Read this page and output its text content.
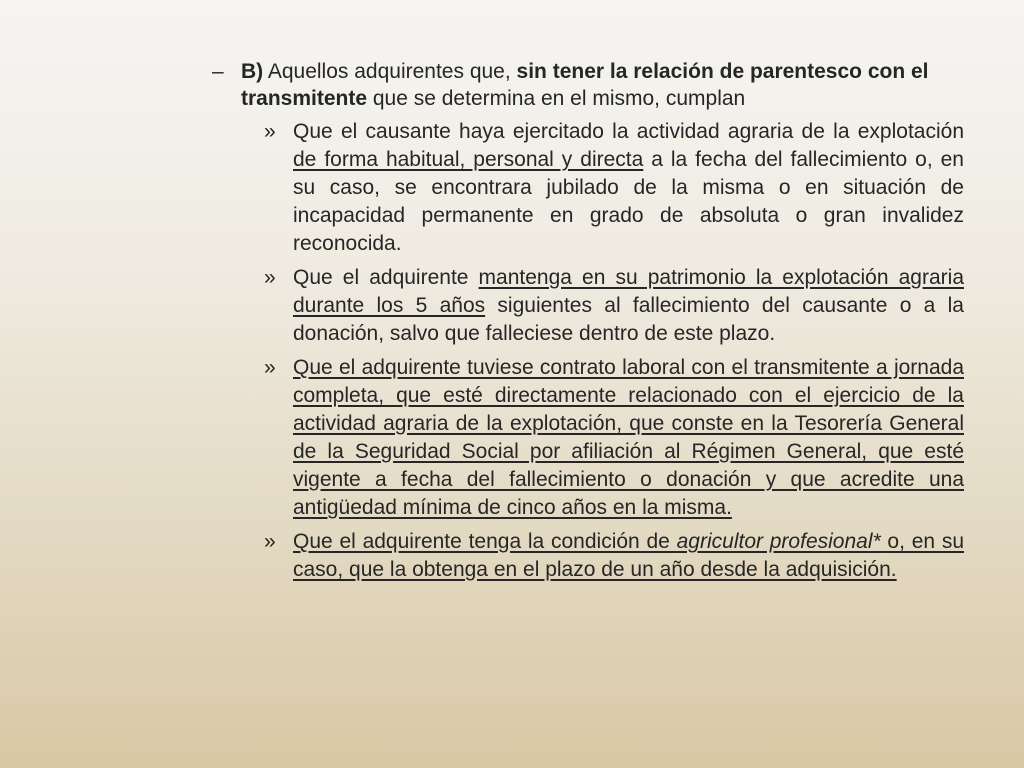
– B) Aquellos adquirentes que, sin tener la relación de parentesco con el transmitente que se determina en el mismo, cumplan
» Que el causante haya ejercitado la actividad agraria de la explotación de forma habitual, personal y directa a la fecha del fallecimiento o, en su caso, se encontrara jubilado de la misma o en situación de incapacidad permanente en grado de absoluta o gran invalidez reconocida.
» Que el adquirente mantenga en su patrimonio la explotación agraria durante los 5 años siguientes al fallecimiento del causante o a la donación, salvo que falleciese dentro de este plazo.
» Que el adquirente tuviese contrato laboral con el transmitente a jornada completa, que esté directamente relacionado con el ejercicio de la actividad agraria de la explotación, que conste en la Tesorería General de la Seguridad Social por afiliación al Régimen General, que esté vigente a fecha del fallecimiento o donación y que acredite una antigüedad mínima de cinco años en la misma.
» Que el adquirente tenga la condición de agricultor profesional* o, en su caso, que la obtenga en el plazo de un año desde la adquisición.
